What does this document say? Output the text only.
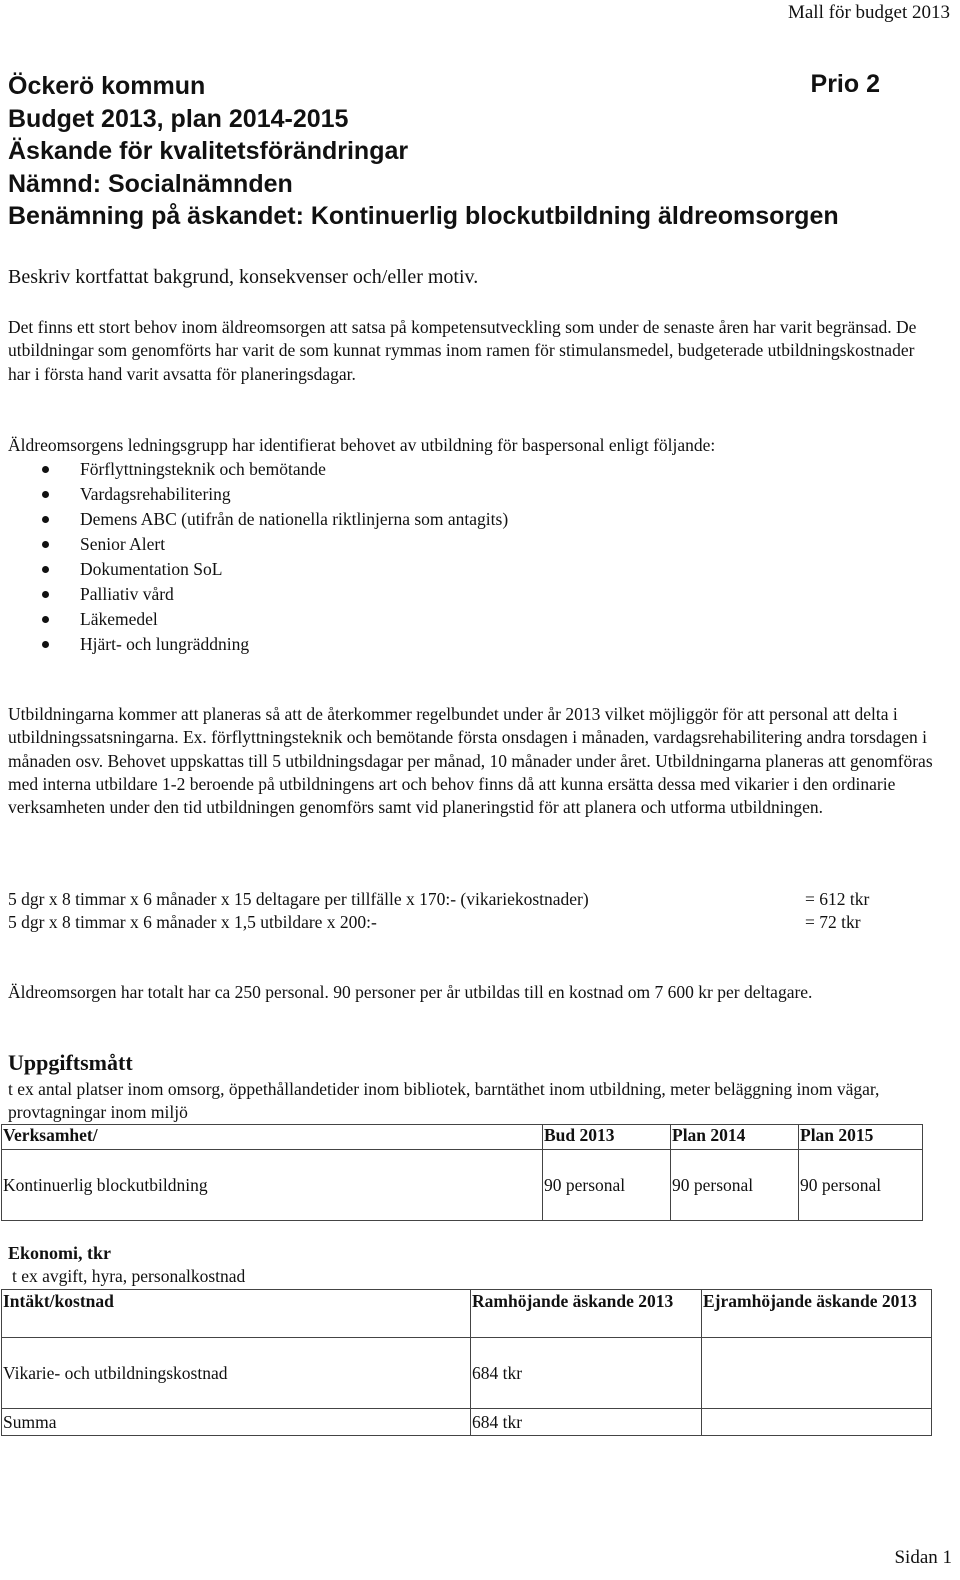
Mall för budget 2013
Öckerö kommun
Budget 2013, plan 2014-2015
Äskande för kvalitetsförändringar
Nämnd: Socialnämnden
Benämning på äskandet: Kontinuerlig blockutbildning äldreomsorgen
Prio 2
Beskriv kortfattat bakgrund, konsekvenser och/eller motiv.

Det finns ett stort behov inom äldreomsorgen att satsa på kompetensutveckling som under de senaste åren har varit begränsad. De utbildningar som genomförts har varit de som kunnat rymmas inom ramen för stimulansmedel, budgeterade utbildningskostnader har i första hand varit avsatta för planeringsdagar.

Äldreomsorgens ledningsgrupp har identifierat behovet av utbildning för baspersonal enligt följande:
Förflyttningsteknik och bemötande
Vardagsrehabilitering
Demens ABC (utifrån de nationella riktlinjerna som antagits)
Senior Alert
Dokumentation SoL
Palliativ vård
Läkemedel
Hjärt- och lungräddning

Utbildningarna kommer att planeras så att de återkommer regelbundet under år 2013 vilket möjliggör för att personal att delta i utbildningssatsningarna. Ex. förflyttningsteknik och bemötande första onsdagen i månaden, vardagsrehabilitering andra torsdagen i månaden osv. Behovet uppskattas till 5 utbildningsdagar per månad, 10 månader under året. Utbildningarna planeras att genomföras med interna utbildare 1-2 beroende på utbildningens art och behov finns då att kunna ersätta dessa med vikarier i den ordinarie verksamheten under den tid utbildningen genomförs samt vid planeringstid för att planera och utforma utbildningen.

5 dgr x 8 timmar x 6 månader x 15 deltagare per tillfälle x 170:- (vikariekostnader)	= 612 tkr
5 dgr x 8 timmar x 6 månader x 1,5 utbildare x 200:-	= 72 tkr

Äldreomsorgen har totalt har ca 250 personal. 90 personer per år utbildas till en kostnad om 7 600 kr per deltagare.

Uppgiftsmått
t ex antal platser inom omsorg, öppethållandetider inom bibliotek, barntäthet inom utbildning, meter beläggning inom vägar, provtagningar inom miljö
Verksamhet/	Bud 2013	Plan 2014	Plan 2015
Kontinuerlig blockutbildning	90 personal	90 personal	90 personal
Ekonomi, tkr
t ex avgift, hyra, personalkostnad
Intäkt/kostnad	Ramhöjande äskande 2013	Ejramhöjande äskande 2013
Vikarie- och utbildningskostnad	684 tkr	
Summa	684 tkr	
Sidan 1
